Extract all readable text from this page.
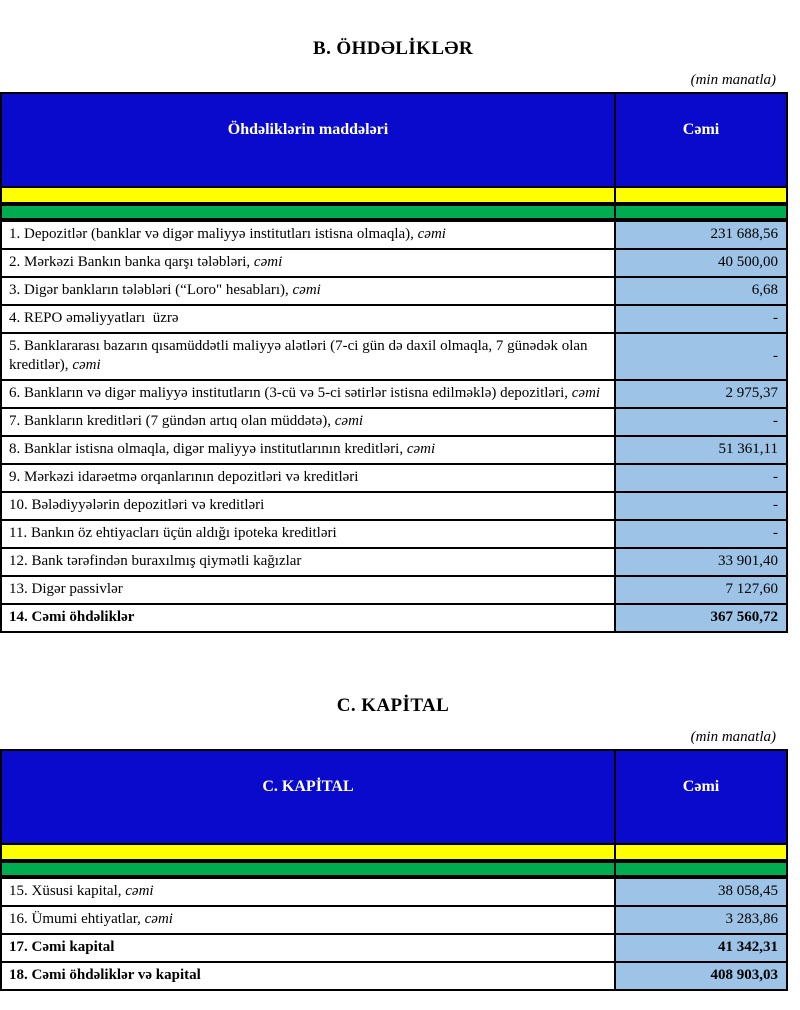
B. ÖHDƏLİKLƏR
(min manatla)
Öhdəliklərin maddələri	Cəmi

1. Depozitlər (banklar və digər maliyyə institutları istisna olmaqla), cəmi	231 688,56
2. Mərkəzi Bankın banka qarşı tələbləri, cəmi	40 500,00
3. Digər bankların tələbləri (“Loro" hesabları), cəmi	6,68
4. REPO əməliyyatları  üzrə	-
5. Banklararası bazarın qısamüddətli maliyyə alətləri (7-ci gün də daxil olmaqla, 7 günədək olan kreditlər), cəmi	-
6. Bankların və digər maliyyə institutların (3-cü və 5-ci sətirlər istisna edilməklə) depozitləri, cəmi	2 975,37
7. Bankların kreditləri (7 gündən artıq olan müddətə), cəmi	-
8. Banklar istisna olmaqla, digər maliyyə institutlarının kreditləri, cəmi	51 361,11
9. Mərkəzi idarəetmə orqanlarının depozitləri və kreditləri	-
10. Bələdiyyələrin depozitləri və kreditləri	-
11. Bankın öz ehtiyacları üçün aldığı ipoteka kreditləri	-
12. Bank tərəfindən buraxılmış qiymətli kağızlar	33 901,40
13. Digər passivlər	7 127,60
14. Cəmi öhdəliklər	367 560,72
C. KAPİTAL
(min manatla)
C. KAPİTAL	Cəmi

15. Xüsusi kapital, cəmi	38 058,45
16. Ümumi ehtiyatlar, cəmi	3 283,86
17. Cəmi kapital	41 342,31
18. Cəmi öhdəliklər və kapital	408 903,03
